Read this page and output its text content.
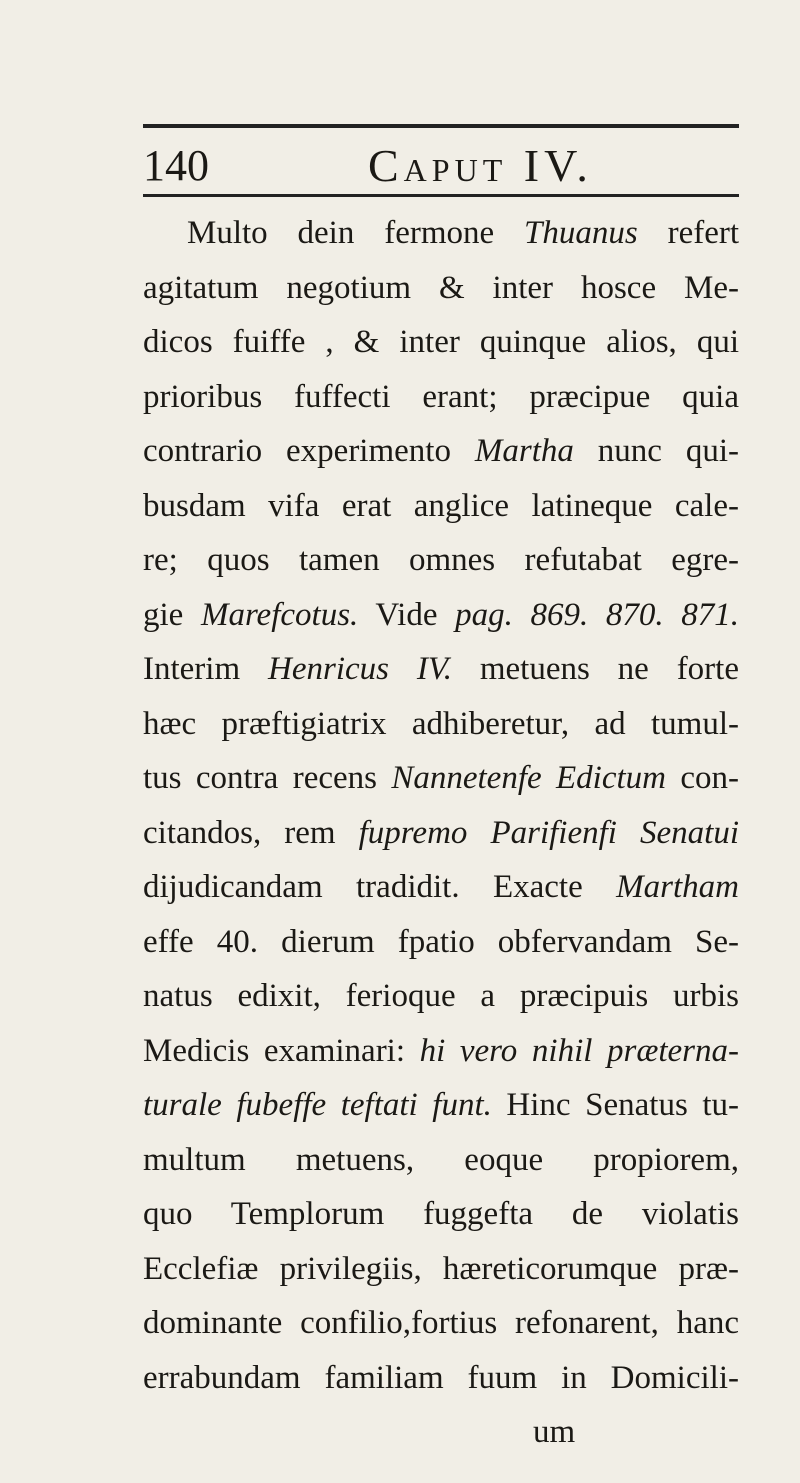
140	Caput IV.
Multo dein fermone Thuanus refert
agitatum negotium & inter hosce Me-
dicos fuiffe , & inter quinque alios, qui
prioribus fuffecti erant; præcipue quia
contrario experimento Martha nunc qui-
busdam vifa erat anglice latineque cale-
re; quos tamen omnes refutabat egre-
gie Marefcotus. Vide pag. 869. 870. 871.
Interim Henricus IV. metuens ne forte
hæc præftigiatrix adhiberetur, ad tumul-
tus contra recens Nannetenfe Edictum con-
citandos, rem fupremo Parifienfi Senatui
dijudicandam tradidit. Exacte Martham
effe 40. dierum fpatio obfervandam Se-
natus edixit, ferioque a præcipuis urbis
Medicis examinari: hi vero nihil præterna-
turale fubeffe teftati funt. Hinc Senatus tu-
multum metuens, eoque propiorem,
quo Templorum fuggefta de violatis
Ecclefiæ privilegiis, hæreticorumque præ-
dominante confilio,fortius refonarent, hanc
errabundam familiam fuum in Domicili-
um
